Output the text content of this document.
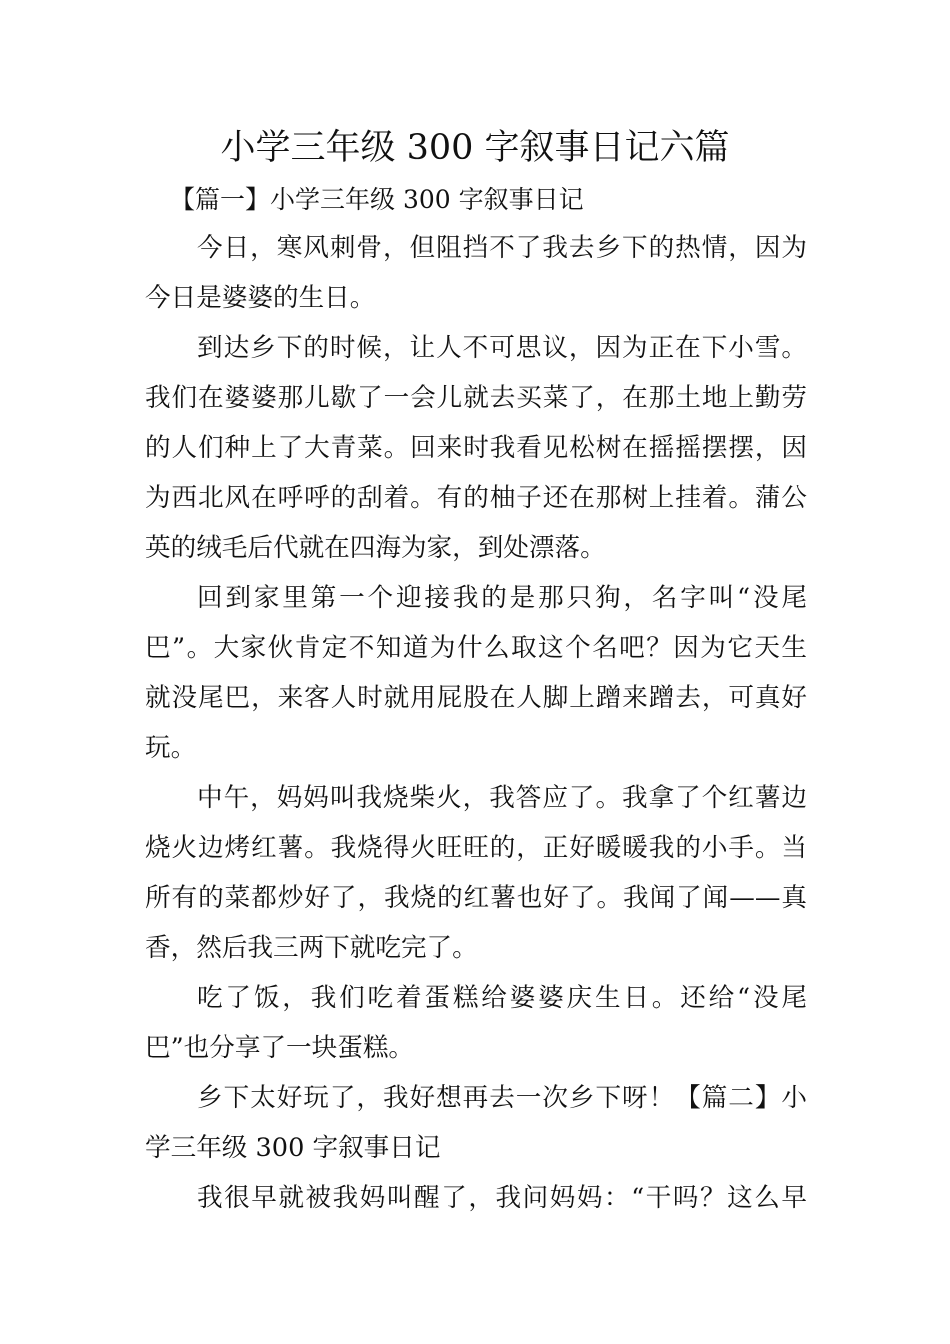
小学三年级 300 字叙事日记六篇

【篇一】小学三年级 300 字叙事日记

今日，寒风刺骨，但阻挡不了我去乡下的热情，因为

今日是婆婆的生日。

到达乡下的时候，让人不可思议，因为正在下小雪。

我们在婆婆那儿歇了一会儿就去买菜了，在那土地上勤劳

的人们种上了大青菜。回来时我看见松树在摇摇摆摆，因

为西北风在呼呼的刮着。有的柚子还在那树上挂着。蒲公

英的绒毛后代就在四海为家，到处漂落。

回到家里第一个迎接我的是那只狗，名字叫“没尾

巴”。大家伙肯定不知道为什么取这个名吧？因为它天生

就没尾巴，来客人时就用屁股在人脚上蹭来蹭去，可真好

玩。

中午，妈妈叫我烧柴火，我答应了。我拿了个红薯边

烧火边烤红薯。我烧得火旺旺的，正好暖暖我的小手。当

所有的菜都炒好了，我烧的红薯也好了。我闻了闻——真

香，然后我三两下就吃完了。

吃了饭，我们吃着蛋糕给婆婆庆生日。还给“没尾

巴”也分享了一块蛋糕。

乡下太好玩了，我好想再去一次乡下呀！【篇二】小

学三年级 300 字叙事日记

我很早就被我妈叫醒了，我问妈妈：“干吗？这么早
